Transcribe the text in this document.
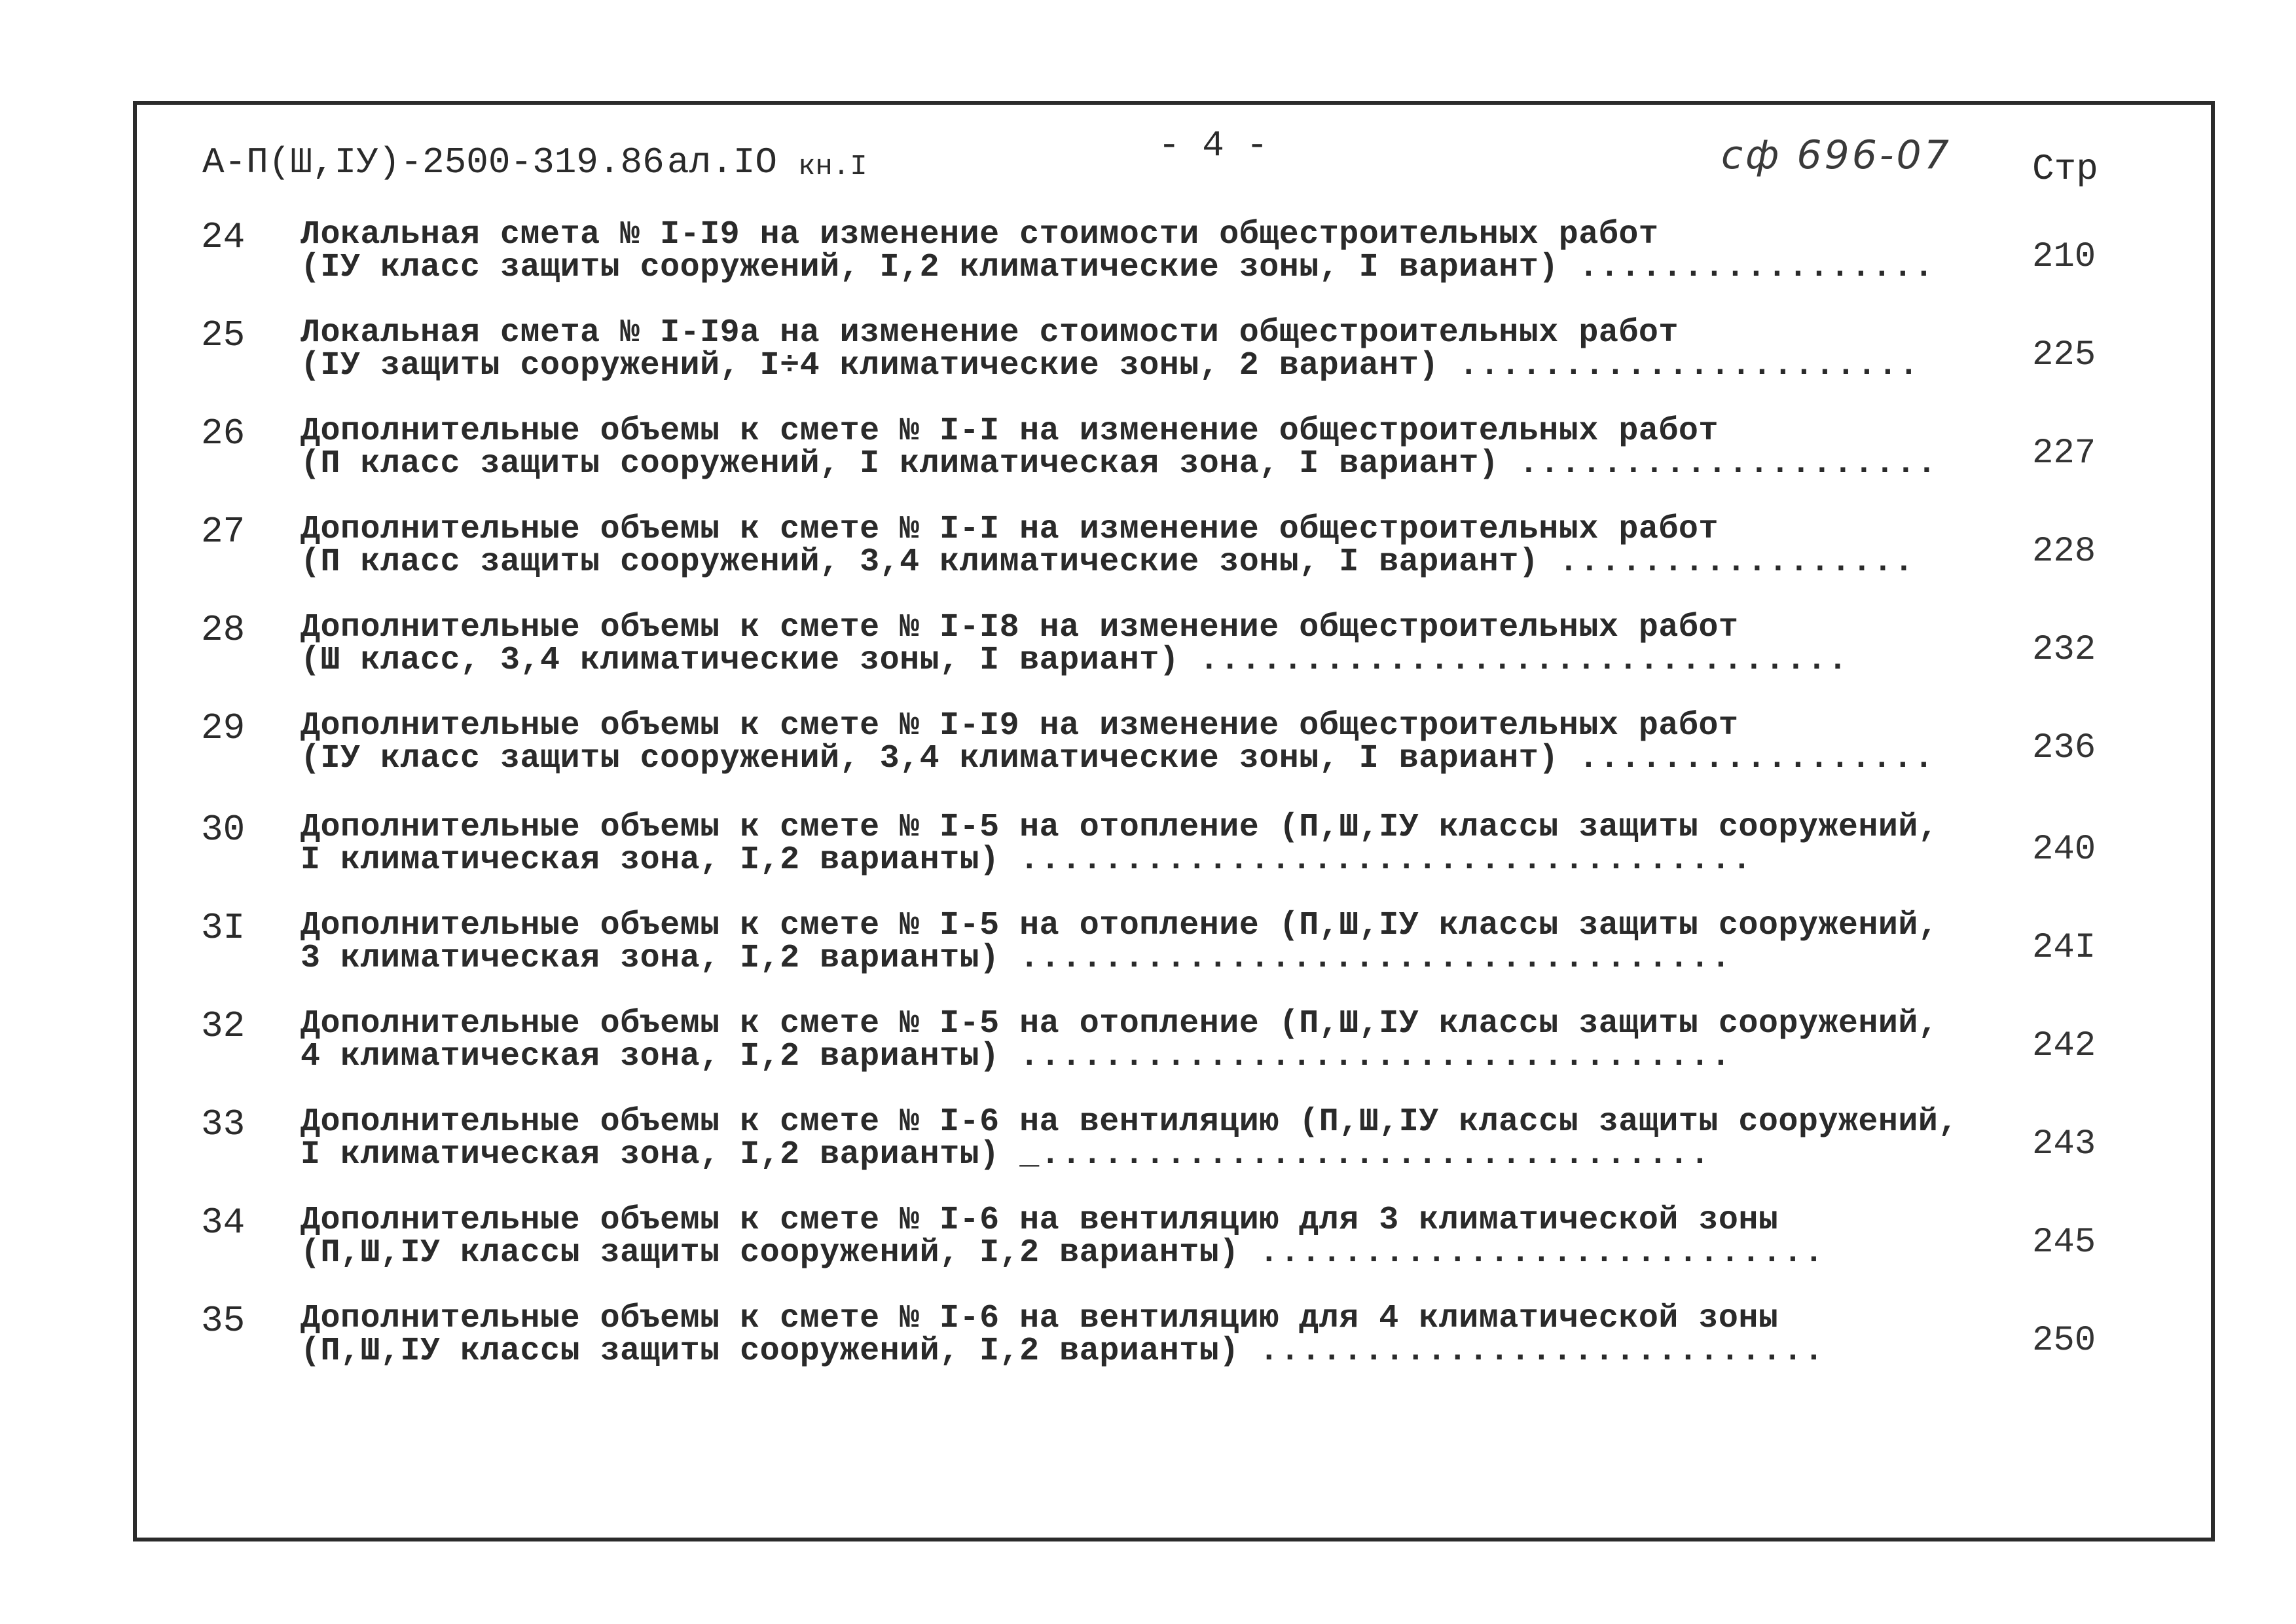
А-П(Ш,IУ)-2500-319.86 ал.IO кн.I
- 4 -	сф 696-07 Стр
24 Локальная смета № I-I9 на изменение стоимости общестроительных работ
(IУ класс защиты сооружений, I,2 климатические зоны, I вариант) .................	210
25 Локальная смета № I-I9а на изменение стоимости общестроительных работ
(IУ защиты сооружений, I÷4 климатические зоны, 2 вариант) ......................	225
26 Дополнительные объемы к смете № I-I на изменение общестроительных работ
(П класс защиты сооружений, I климатическая зона, I вариант) ....................	227
27 Дополнительные объемы к смете № I-I на изменение общестроительных работ
(П класс защиты сооружений, 3,4 климатические зоны, I вариант) .................	228
28 Дополнительные объемы к смете № I-I8 на изменение общестроительных работ
(Ш класс, 3,4 климатические зоны, I вариант) ...............................	232
29 Дополнительные объемы к смете № I-I9 на изменение общестроительных работ
(IУ класс защиты сооружений, 3,4 климатические зоны, I вариант) .................	236
30 Дополнительные объемы к смете № I-5 на отопление (П,Ш,IУ классы защиты сооружений,
I климатическая зона, I,2 варианты) ...................................	240
3I Дополнительные объемы к смете № I-5 на отопление (П,Ш,IУ классы защиты сооружений,
3 климатическая зона, I,2 варианты) ..................................	24I
32 Дополнительные объемы к смете № I-5 на отопление (П,Ш,IУ классы защиты сооружений,
4 климатическая зона, I,2 варианты) ..................................	242
33 Дополнительные объемы к смете № I-6 на вентиляцию (П,Ш,IУ классы защиты сооружений,
I климатическая зона, I,2 варианты) _................................	243
34 Дополнительные объемы к смете № I-6 на вентиляцию для 3 климатической зоны
(П,Ш,IУ классы защиты сооружений, I,2 варианты) ...........................	245
35 Дополнительные объемы к смете № I-6 на вентиляцию для 4 климатической зоны
(П,Ш,IУ классы защиты сооружений, I,2 варианты) ...........................	250
